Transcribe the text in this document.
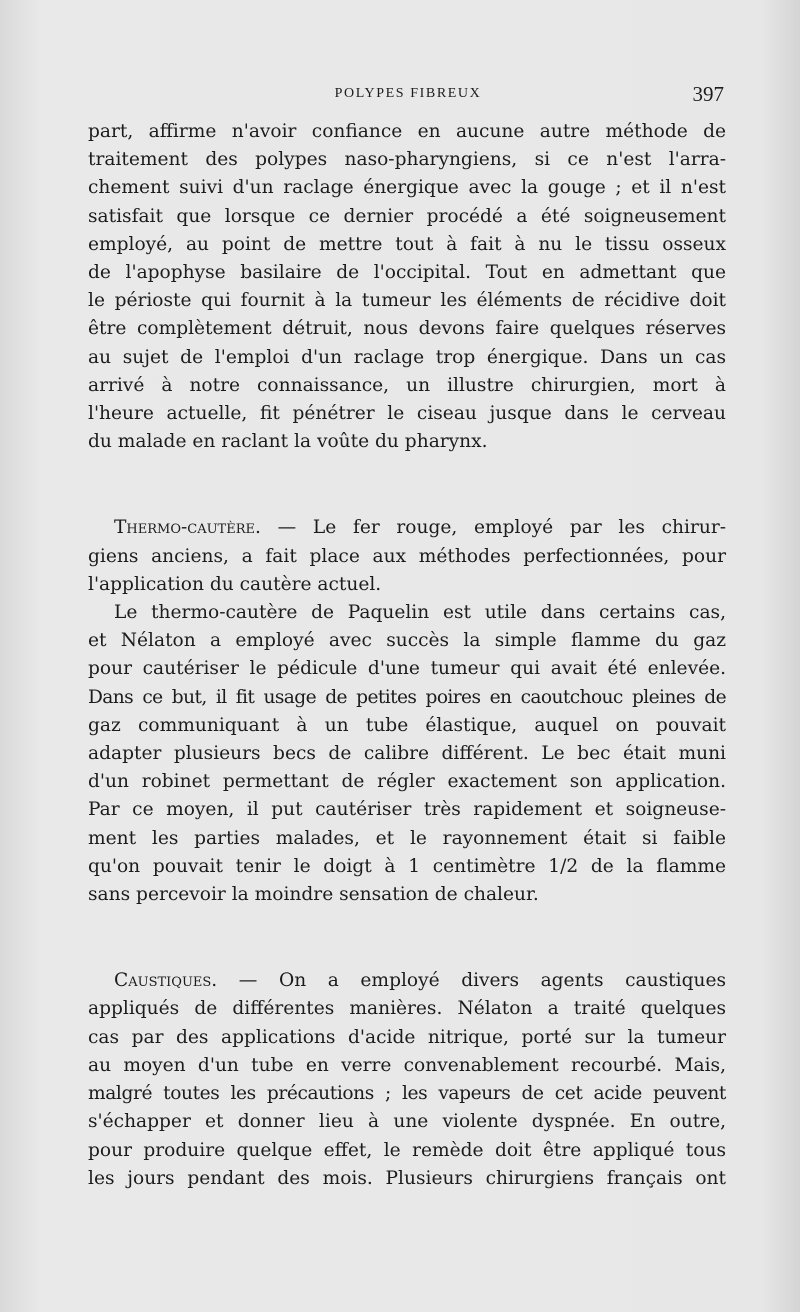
POLYPES FIBREUX	397
part, affirme n'avoir confiance en aucune autre méthode de
traitement des polypes naso-pharyngiens, si ce n'est l'arra-
chement suivi d'un raclage énergique avec la gouge ; et il n'est
satisfait que lorsque ce dernier procédé a été soigneusement
employé, au point de mettre tout à fait à nu le tissu osseux
de l'apophyse basilaire de l'occipital. Tout en admettant que
le périoste qui fournit à la tumeur les éléments de récidive doit
être complètement détruit, nous devons faire quelques réserves
au sujet de l'emploi d'un raclage trop énergique. Dans un cas
arrivé à notre connaissance, un illustre chirurgien, mort à
l'heure actuelle, fit pénétrer le ciseau jusque dans le cerveau
du malade en raclant la voûte du pharynx.
Thermo-cautère. — Le fer rouge, employé par les chirur-
giens anciens, a fait place aux méthodes perfectionnées, pour
l'application du cautère actuel.
Le thermo-cautère de Paquelin est utile dans certains cas,
et Nélaton a employé avec succès la simple flamme du gaz
pour cautériser le pédicule d'une tumeur qui avait été enlevée.
Dans ce but, il fit usage de petites poires en caoutchouc pleines de
gaz communiquant à un tube élastique, auquel on pouvait
adapter plusieurs becs de calibre différent. Le bec était muni
d'un robinet permettant de régler exactement son application.
Par ce moyen, il put cautériser très rapidement et soigneuse-
ment les parties malades, et le rayonnement était si faible
qu'on pouvait tenir le doigt à 1 centimètre 1/2 de la flamme
sans percevoir la moindre sensation de chaleur.
Caustiques. — On a employé divers agents caustiques
appliqués de différentes manières. Nélaton a traité quelques
cas par des applications d'acide nitrique, porté sur la tumeur
au moyen d'un tube en verre convenablement recourbé. Mais,
malgré toutes les précautions ; les vapeurs de cet acide peuvent
s'échapper et donner lieu à une violente dyspnée. En outre,
pour produire quelque effet, le remède doit être appliqué tous
les jours pendant des mois. Plusieurs chirurgiens français ont
